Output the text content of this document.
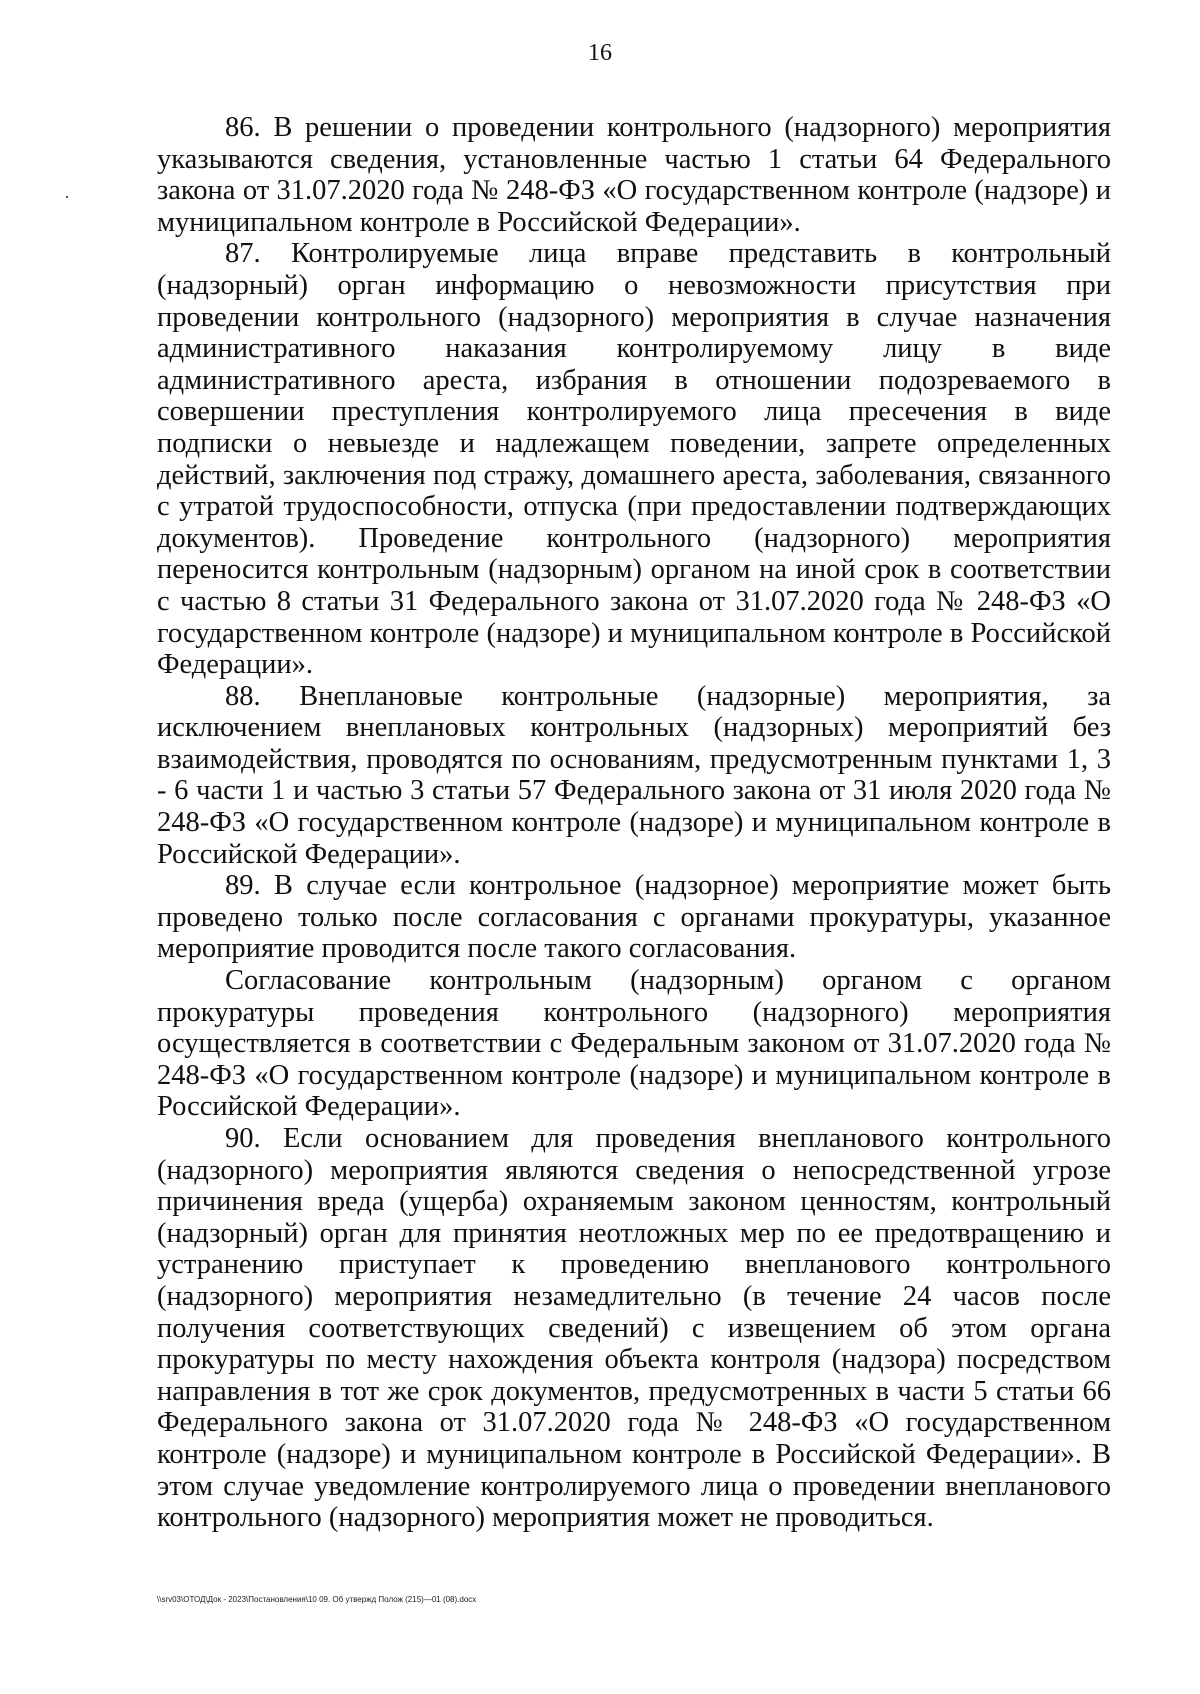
16

86. В решении о проведении контрольного (надзорного) мероприятия указываются сведения, установленные частью 1 статьи 64 Федерального закона от 31.07.2020 года № 248-ФЗ «О государственном контроле (надзоре) и муниципальном контроле в Российской Федерации».

87. Контролируемые лица вправе представить в контрольный (надзорный) орган информацию о невозможности присутствия при проведении контрольного (надзорного) мероприятия в случае назначения административного наказания контролируемому лицу в виде административного ареста, избрания в отношении подозреваемого в совершении преступления контролируемого лица пресечения в виде подписки о невыезде и надлежащем поведении, запрете определенных действий, заключения под стражу, домашнего ареста, заболевания, связанного с утратой трудоспособности, отпуска (при предоставлении подтверждающих документов). Проведение контрольного (надзорного) мероприятия переносится контрольным (надзорным) органом на иной срок в соответствии с частью 8 статьи 31 Федерального закона от 31.07.2020 года № 248-ФЗ «О государственном контроле (надзоре) и муниципальном контроле в Российской Федерации».

88. Внеплановые контрольные (надзорные) мероприятия, за исключением внеплановых контрольных (надзорных) мероприятий без взаимодействия, проводятся по основаниям, предусмотренным пунктами 1, 3 - 6 части 1 и частью 3 статьи 57 Федерального закона от 31 июля 2020 года № 248-ФЗ «О государственном контроле (надзоре) и муниципальном контроле в Российской Федерации».

89. В случае если контрольное (надзорное) мероприятие может быть проведено только после согласования с органами прокуратуры, указанное мероприятие проводится после такого согласования.

Согласование контрольным (надзорным) органом с органом прокуратуры проведения контрольного (надзорного) мероприятия осуществляется в соответствии с Федеральным законом от 31.07.2020 года № 248-ФЗ «О государственном контроле (надзоре) и муниципальном контроле в Российской Федерации».

90. Если основанием для проведения внепланового контрольного (надзорного) мероприятия являются сведения о непосредственной угрозе причинения вреда (ущерба) охраняемым законом ценностям, контрольный (надзорный) орган для принятия неотложных мер по ее предотвращению и устранению приступает к проведению внепланового контрольного (надзорного) мероприятия незамедлительно (в течение 24 часов после получения соответствующих сведений) с извещением об этом органа прокуратуры по месту нахождения объекта контроля (надзора) посредством направления в тот же срок документов, предусмотренных в части 5 статьи 66 Федерального закона от 31.07.2020 года № 248-ФЗ «О государственном контроле (надзоре) и муниципальном контроле в Российской Федерации». В этом случае уведомление контролируемого лица о проведении внепланового контрольного (надзорного) мероприятия может не проводиться.

\\srv03\ОТОД\Док - 2023\Постановления\10 09. Об утвержд Полож (215)—01 (08).docx
